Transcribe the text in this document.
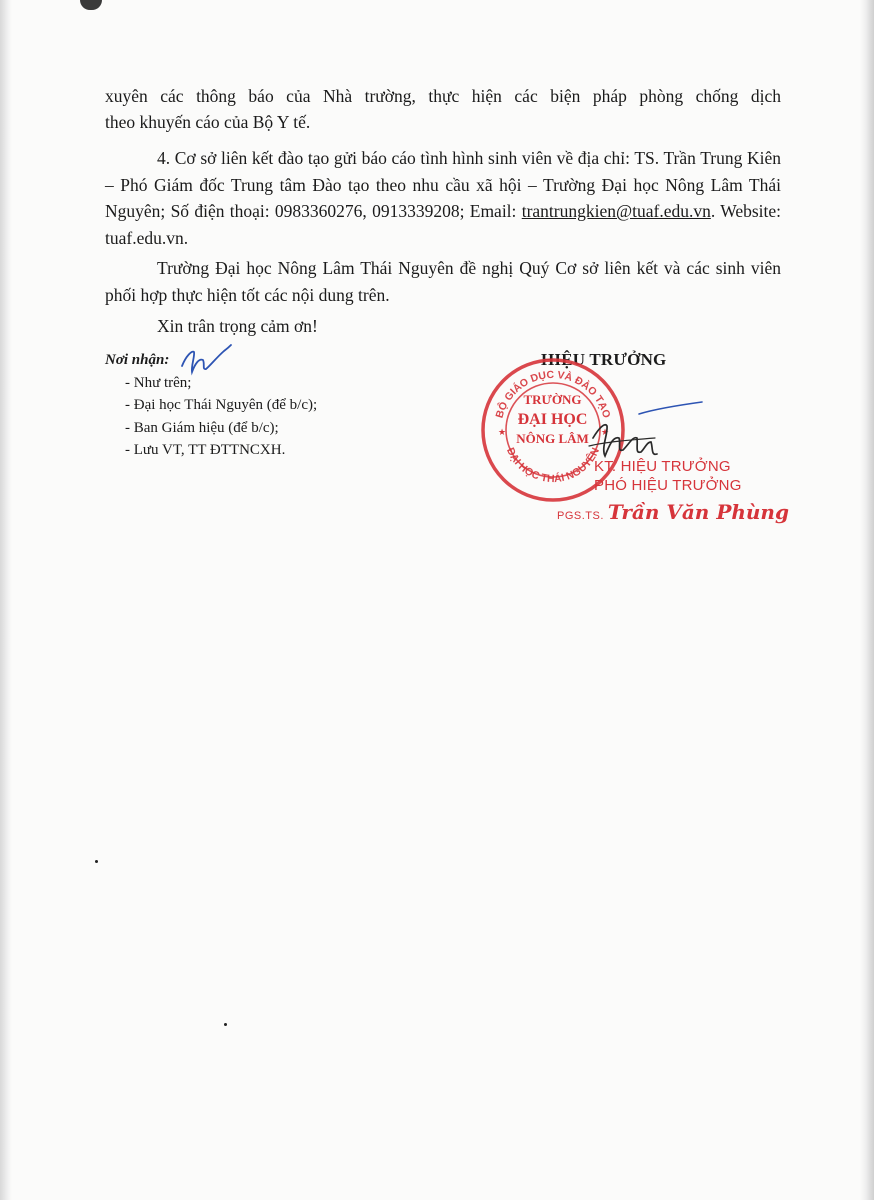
xuyên các thông báo của Nhà trường, thực hiện các biện pháp phòng chống dịch

theo khuyến cáo của Bộ Y tế.

4. Cơ sở liên kết đào tạo gửi báo cáo tình hình sinh viên về địa chỉ: TS. Trần Trung Kiên – Phó Giám đốc Trung tâm Đào tạo theo nhu cầu xã hội – Trường Đại học Nông Lâm Thái Nguyên; Số điện thoại: 0983360276, 0913339208; Email: trantrungkien@tuaf.edu.vn. Website: tuaf.edu.vn.

Trường Đại học Nông Lâm Thái Nguyên đề nghị Quý Cơ sở liên kết và các sinh viên phối hợp thực hiện tốt các nội dung trên.

Xin trân trọng cảm ơn!

Nơi nhận:
- Như trên;
- Đại học Thái Nguyên (để b/c);
- Ban Giám hiệu (để b/c);
- Lưu VT, TT ĐTTNCXH.
HIỆU TRƯỞNG
BỘ GIÁO DỤC VÀ ĐÀO TẠO
ĐẠI HỌC THÁI NGUYÊN
★	★
TRƯỜNG
ĐẠI HỌC
NÔNG LÂM
KT. HIỆU TRƯỞNG
PHÓ HIỆU TRƯỞNG
PGS.TS. Trần Văn Phùng
